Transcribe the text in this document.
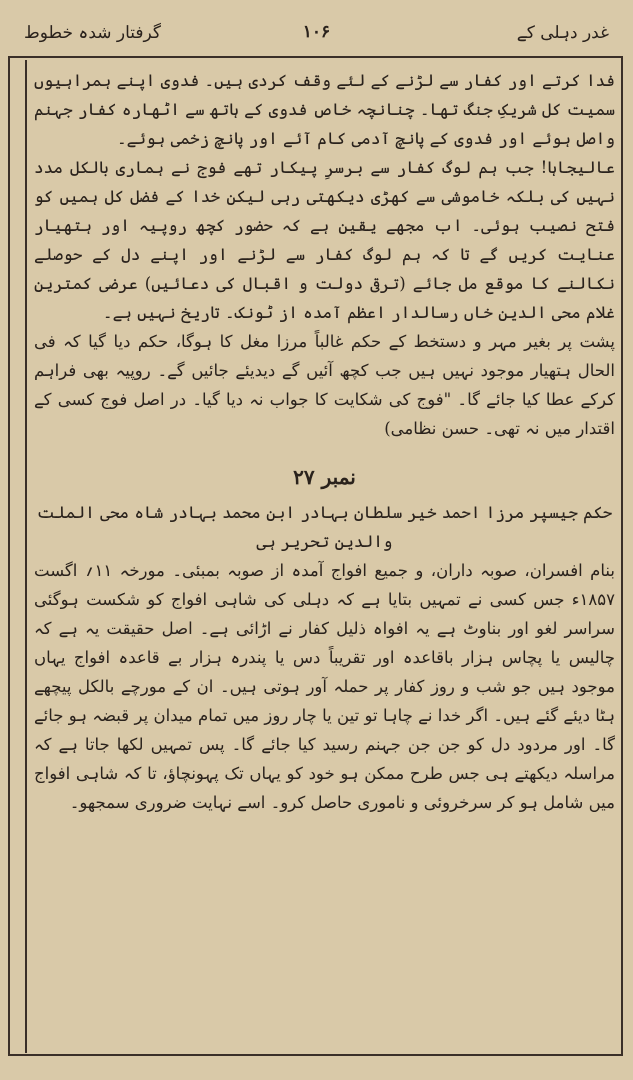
غدر دہلی کے
۱۰۶
گرفتار شدہ خطوط

فدا کرتے اور کفار سے لڑنے کے لئے وقف کردی ہیں۔ فدوی اپنے ہمراہیوں سمیت کل شریکِ جنگ تھا۔ چنانچہ خاص فدوی کے ہاتھ سے اٹھارہ کفار جہنم واصل ہوئے اور فدوی کے پانچ آدمی کام آئے اور پانچ زخمی ہوئے۔

عالیجاہا! جب ہم لوگ کفار سے برسرِ پیکار تھے فوج نے ہماری بالکل مدد نہیں کی بلکہ خاموشی سے کھڑی دیکھتی رہی لیکن خدا کے فضل کل ہمیں کو فتح نصیب ہوئی۔ اب مجھے یقین ہے کہ حضور کچھ روپیہ اور ہتھیار عنایت کریں گے تا کہ ہم لوگ کفار سے لڑنے اور اپنے دل کے حوصلے نکالنے کا موقع مل جائے (ترقی دولت و اقبال کی دعائیں) عرضی کمترین غلام محی الدین خاں رسالدار اعظم آمدہ از ٹونک۔ تاریخ نہیں ہے۔

پشت پر بغیر مہر و دستخط کے حکم غالباً مرزا مغل کا ہوگا، حکم دیا گیا کہ فی الحال ہتھیار موجود نہیں ہیں جب کچھ آئیں گے دیدیئے جائیں گے۔ روپیہ بھی فراہم کرکے عطا کیا جائے گا۔ "فوج کی شکایت کا جواب نہ دیا گیا۔ در اصل فوج کسی کے اقتدار میں نہ تھی۔ حسن نظامی)

نمبر ۲۷

حکم جیسپر مرزا احمد خیر سلطان بہادر ابن محمد بہادر شاہ محی الملت والدین تحریر ہی

بنام افسران، صوبہ داران، و جمیع افواج آمدہ از صوبہ بمبئی۔ مورخہ ۱۱؍ اگست ۱۸۵۷ء جس کسی نے تمہیں بتایا ہے کہ دہلی کی شاہی افواج کو شکست ہوگئی سراسر لغو اور بناوٹ ہے یہ افواہ ذلیل کفار نے اڑائی ہے۔ اصل حقیقت یہ ہے کہ چالیس یا پچاس ہزار باقاعدہ اور تقریباً دس یا پندرہ ہزار بے قاعدہ افواج یہاں موجود ہیں جو شب و روز کفار پر حملہ آور ہوتی ہیں۔ ان کے مورچے بالکل پیچھے ہٹا دیئے گئے ہیں۔ اگر خدا نے چاہا تو تین یا چار روز میں تمام میدان پر قبضہ ہو جائے گا۔ اور مردود دل کو جن جن جہنم رسید کیا جائے گا۔ پس تمہیں لکھا جاتا ہے کہ مراسلہ دیکھتے ہی جس طرح ممکن ہو خود کو یہاں تک پہونچاؤ، تا کہ شاہی افواج میں شامل ہو کر سرخروئی و ناموری حاصل کرو۔ اسے نہایت ضروری سمجھو۔
